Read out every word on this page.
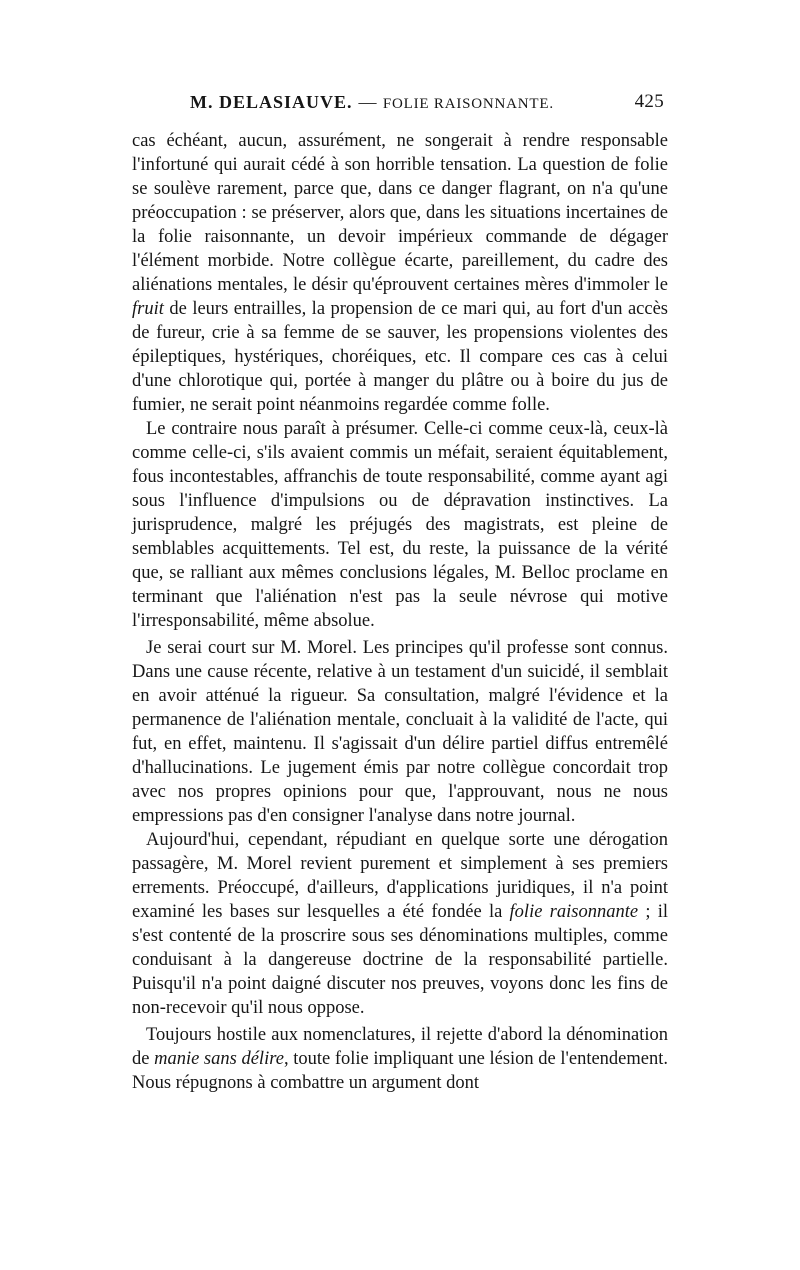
M. DELASIAUVE. — FOLIE RAISONNANTE.	425

cas échéant, aucun, assurément, ne songerait à rendre responsable l'infortuné qui aurait cédé à son horrible tensation. La question de folie se soulève rarement, parce que, dans ce danger flagrant, on n'a qu'une préoccupation : se préserver, alors que, dans les situations incertaines de la folie raisonnante, un devoir impérieux commande de dégager l'élément morbide. Notre collègue écarte, pareillement, du cadre des aliénations mentales, le désir qu'éprouvent certaines mères d'immoler le fruit de leurs entrailles, la propension de ce mari qui, au fort d'un accès de fureur, crie à sa femme de se sauver, les propensions violentes des épileptiques, hystériques, choréiques, etc. Il compare ces cas à celui d'une chlorotique qui, portée à manger du plâtre ou à boire du jus de fumier, ne serait point néanmoins regardée comme folle.

Le contraire nous paraît à présumer. Celle-ci comme ceux-là, ceux-là comme celle-ci, s'ils avaient commis un méfait, seraient équitablement, fous incontestables, affranchis de toute responsabilité, comme ayant agi sous l'influence d'impulsions ou de dépravation instinctives. La jurisprudence, malgré les préjugés des magistrats, est pleine de semblables acquittements. Tel est, du reste, la puissance de la vérité que, se ralliant aux mêmes conclusions légales, M. Belloc proclame en terminant que l'aliénation n'est pas la seule névrose qui motive l'irresponsabilité, même absolue.

Je serai court sur M. Morel. Les principes qu'il professe sont connus. Dans une cause récente, relative à un testament d'un suicidé, il semblait en avoir atténué la rigueur. Sa consultation, malgré l'évidence et la permanence de l'aliénation mentale, concluait à la validité de l'acte, qui fut, en effet, maintenu. Il s'agissait d'un délire partiel diffus entremêlé d'hallucinations. Le jugement émis par notre collègue concordait trop avec nos propres opinions pour que, l'approuvant, nous ne nous empressions pas d'en consigner l'analyse dans notre journal.

Aujourd'hui, cependant, répudiant en quelque sorte une dérogation passagère, M. Morel revient purement et simplement à ses premiers errements. Préoccupé, d'ailleurs, d'applications juridiques, il n'a point examiné les bases sur lesquelles a été fondée la folie raisonnante ; il s'est contenté de la proscrire sous ses dénominations multiples, comme conduisant à la dangereuse doctrine de la responsabilité partielle. Puisqu'il n'a point daigné discuter nos preuves, voyons donc les fins de non-recevoir qu'il nous oppose.

Toujours hostile aux nomenclatures, il rejette d'abord la dénomination de manie sans délire, toute folie impliquant une lésion de l'entendement. Nous répugnons à combattre un argument dont
